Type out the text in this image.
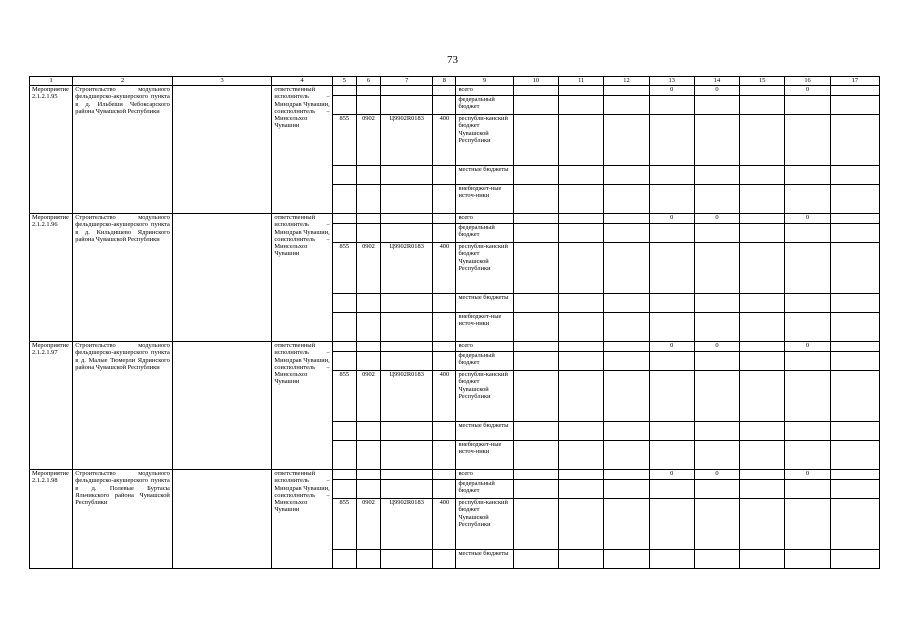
73
1	2	3	4	5	6	7	8	9	10	11	12	13	14	15	16	17
Мероприятие 2.1.2.1.95	Строительство модульного фельдшерско-акушерского пункта в д. Ильбеши Чебоксарского района Чувашской Республики		ответственный исполнитель – Минздрав Чувашии, соисполнитель – Минсельхоз Чувашии					всего				0	0		0	
								федеральный бюджет								
				855	0902	Ц9902R0183	400	республи-канский бюджет Чувашской Республики								
								местные бюджеты								
								внебюджет-ные источ-ники								
Мероприятие 2.1.2.1.96	Строительство модульного фельдшерско-акушерского пункта в д. Кильдишево Ядринского района Чувашской Республики		ответственный исполнитель – Минздрав Чувашии, соисполнитель – Минсельхоз Чувашии					всего				0	0		0	
								федеральный бюджет								
				855	0902	Ц9902R0183	400	республи-канский бюджет Чувашской Республики								
								местные бюджеты								
								внебюджет-ные источ-ники								
Мероприятие 2.1.2.1.97	Строительство модульного фельдшерско-акушерского пункта в д. Малые Тюмерли Ядринского района Чувашской Республики		ответственный исполнитель – Минздрав Чувашии, соисполнитель – Минсельхоз Чувашии					всего				0	0		0	
								федеральный бюджет								
				855	0902	Ц9902R0183	400	республи-канский бюджет Чувашской Республики								
								местные бюджеты								
								внебюджет-ные источ-ники								
Мероприятие 2.1.2.1.98	Строительство модульного фельдшерско-акушерского пункта в д. Полевые Буртасы Яльчикского района Чувашской Республики		ответственный исполнитель – Минздрав Чувашии, соисполнитель – Минсельхоз Чувашии					всего				0	0		0	
								федеральный бюджет								
				855	0902	Ц9902R0183	400	республи-канский бюджет Чувашской Республики								
								местные бюджеты								
